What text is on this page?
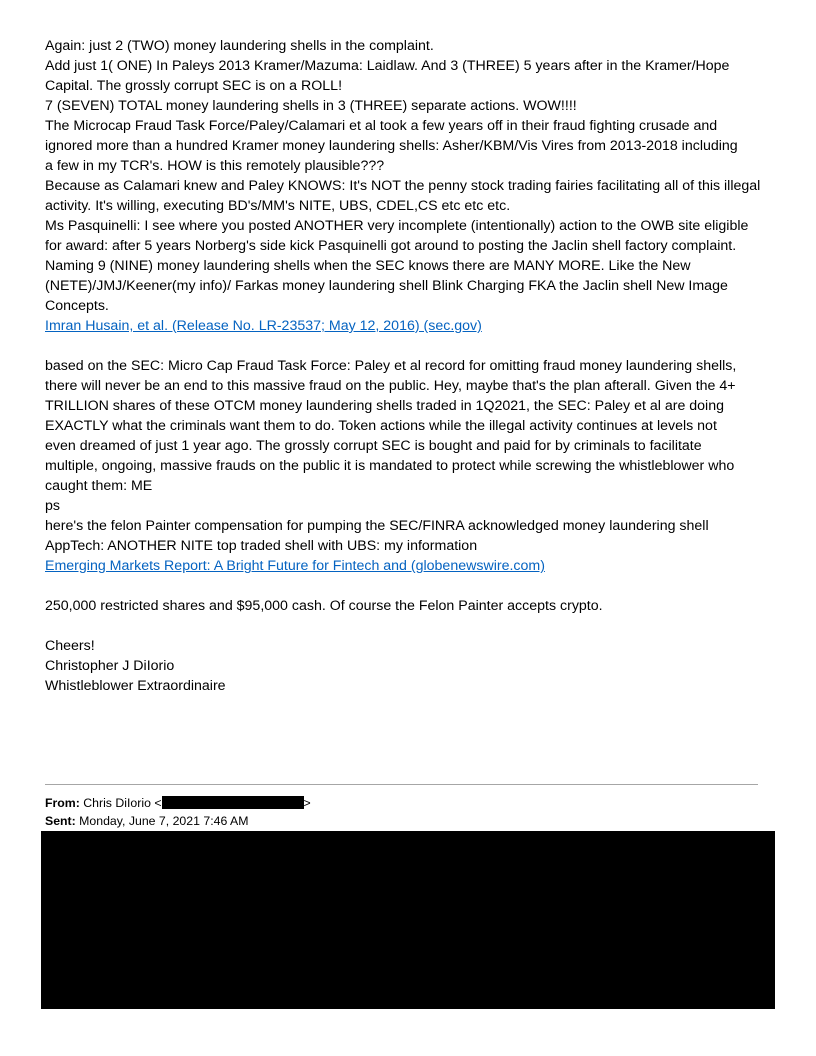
Again: just 2 (TWO) money laundering shells in the complaint.
Add just 1( ONE) In Paleys 2013 Kramer/Mazuma: Laidlaw. And 3 (THREE) 5 years after in the Kramer/Hope
Capital. The grossly corrupt SEC is on a ROLL!
7 (SEVEN) TOTAL money laundering shells in 3 (THREE) separate actions. WOW!!!!
The Microcap Fraud Task Force/Paley/Calamari et al took a few years off in their fraud fighting crusade and
ignored more than a hundred Kramer money laundering shells: Asher/KBM/Vis Vires from 2013-2018 including
a few in my TCR's. HOW is this remotely plausible???
Because as Calamari knew and Paley KNOWS: It's NOT the penny stock trading fairies facilitating all of this illegal
activity. It's willing, executing BD's/MM's NITE, UBS, CDEL,CS etc etc etc.
Ms Pasquinelli: I see where you posted ANOTHER very incomplete (intentionally) action to the OWB site eligible
for award: after 5 years Norberg's side kick Pasquinelli got around to posting the Jaclin shell factory complaint.
Naming 9 (NINE) money laundering shells when the SEC knows there are MANY MORE. Like the New
(NETE)/JMJ/Keener(my info)/ Farkas money laundering shell Blink Charging FKA the Jaclin shell New Image
Concepts.
Imran Husain, et al. (Release No. LR-23537; May 12, 2016) (sec.gov)
based on the SEC: Micro Cap Fraud Task Force: Paley et al record for omitting fraud money laundering shells,
there will never be an end to this massive fraud on the public. Hey, maybe that's the plan afterall. Given the 4+
TRILLION shares of these OTCM money laundering shells traded in 1Q2021, the SEC: Paley et al are doing
EXACTLY what the criminals want them to do. Token actions while the illegal activity continues at levels not
even dreamed of just 1 year ago. The grossly corrupt SEC is bought and paid for by criminals to facilitate
multiple, ongoing, massive frauds on the public it is mandated to protect while screwing the whistleblower who
caught them: ME
ps
here's the felon Painter compensation for pumping the SEC/FINRA acknowledged money laundering shell
AppTech: ANOTHER NITE top traded shell with UBS: my information
Emerging Markets Report: A Bright Future for Fintech and (globenewswire.com)
250,000 restricted shares and $95,000 cash. Of course the Felon Painter accepts crypto.
Cheers!
Christopher J DiIorio
Whistleblower Extraordinaire
From: Chris DiIorio <	>
Sent: Monday, June 7, 2021 7:46 AM
